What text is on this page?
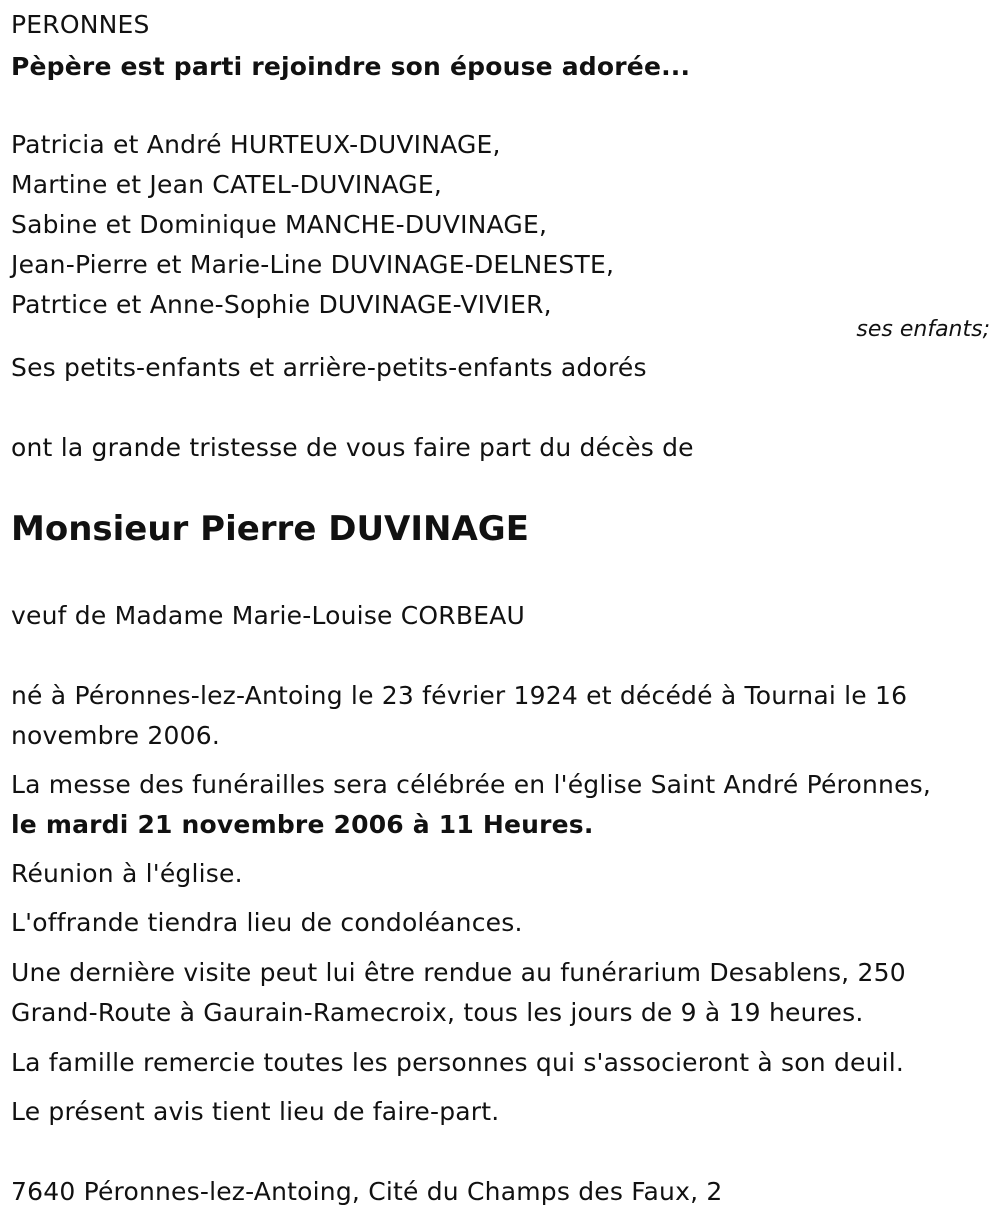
PERONNES
Pèpère est parti rejoindre son épouse adorée...
Patricia et André HURTEUX-DUVINAGE,
Martine et Jean CATEL-DUVINAGE,
Sabine et Dominique MANCHE-DUVINAGE,
Jean-Pierre et Marie-Line DUVINAGE-DELNESTE,
Patrtice et Anne-Sophie DUVINAGE-VIVIER,
ses enfants;
Ses petits-enfants et arrière-petits-enfants adorés
ont la grande tristesse de vous faire part du décès de
Monsieur Pierre DUVINAGE
veuf de Madame Marie-Louise CORBEAU
né à Péronnes-lez-Antoing le 23 février 1924 et décédé à Tournai le 16
novembre 2006.
La messe des funérailles sera célébrée en l'église Saint André Péronnes,
le mardi 21 novembre 2006 à 11 Heures.
Réunion à l'église.
L'offrande tiendra lieu de condoléances.
Une dernière visite peut lui être rendue au funérarium Desablens, 250
Grand-Route à Gaurain-Ramecroix, tous les jours de 9 à 19 heures.
La famille remercie toutes les personnes qui s'associeront à son deuil.
Le présent avis tient lieu de faire-part.
7640 Péronnes-lez-Antoing, Cité du Champs des Faux, 2
